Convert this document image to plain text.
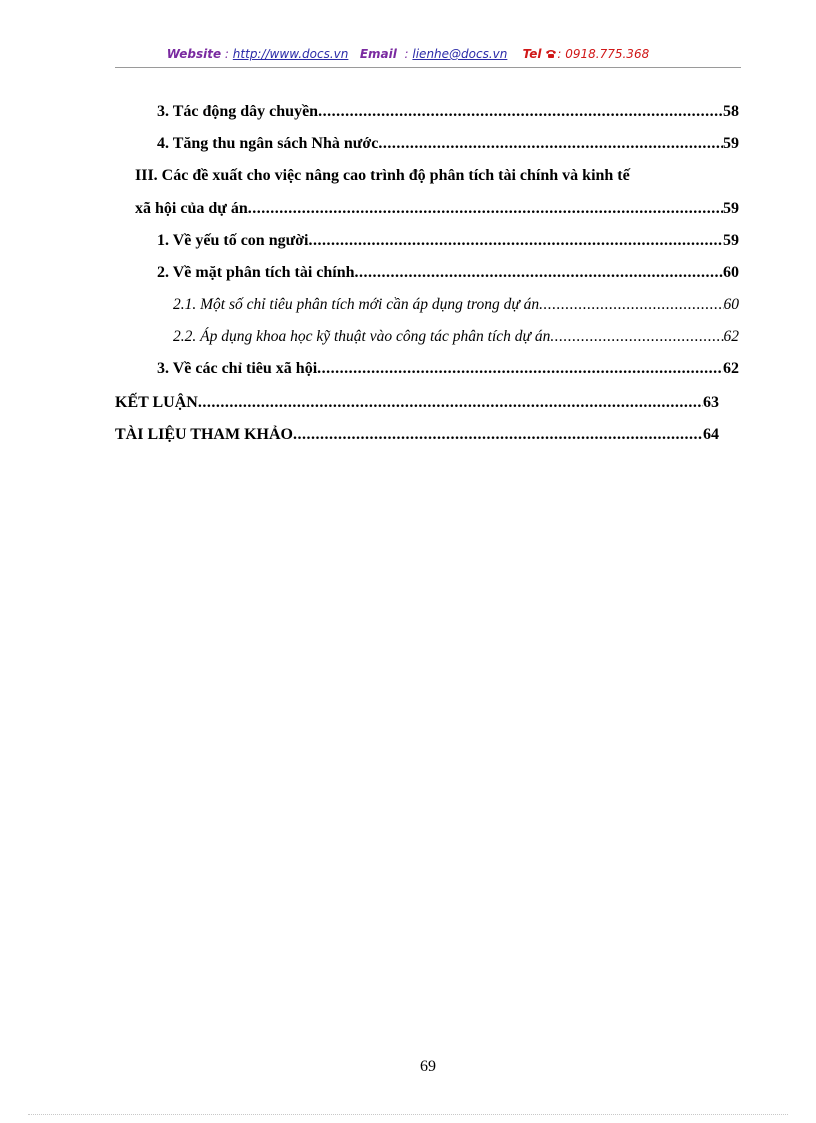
Website : http://www.docs.vn Email : lienhe@docs.vn Tel : 0918.775.368
3. Tác động dây chuyền .....	58
4. Tăng thu ngân sách Nhà nước .....	59
III. Các đề xuất cho việc nâng cao trình độ phân tích tài chính và kinh tế
xã hội của dự án .....	59
1. Về yếu tố con người .....	59
2. Về mặt phân tích tài chính .....	60
2.1. Một số chỉ tiêu phân tích mới cần áp dụng trong dự án .....	60
2.2. Áp dụng khoa học kỹ thuật vào công tác phân tích dự án .....	62
3. Về các chỉ tiêu xã hội .....	62
KẾT LUẬN .....	63
TÀI LIỆU THAM KHẢO .....	64
69
